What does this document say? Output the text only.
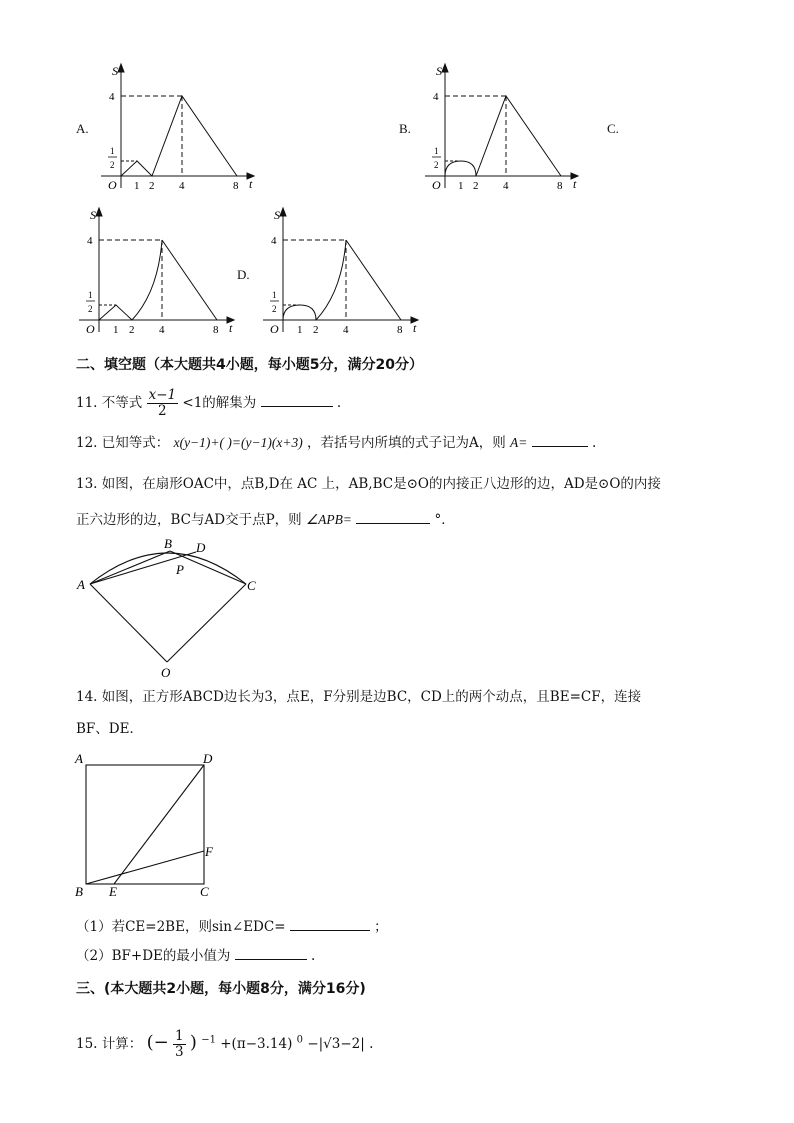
A.	B.	C.
D.
S
t
O
4
1
2
1 2 4	8
S
t
O
4
1
2
1 2 4	8
S
t
O
4
1
2
1 2 4	8
S
t
O
4
1
2
1 2 4	8
二、填空题（本大题共4小题，每小题5分，满分20分）
11. 不等式 $\frac{x-1}{2} <1$的解集为	.
12. 已知等式： x(y−1)+( )=(y−1)(x+3) ，若括号内所填的式子记为A，则 A=	.
13. 如图，在扇形OAC中，点B,D在 AC 上，AB,BC是⊙O的内接正八边形的边，AD是⊙O的内接
正六边形的边，BC与AD交于点P，则 ∠APB=	°．
A
B
C
D
P
O
14. 如图，正方形ABCD边长为3，点E，F分别是边BC，CD上的两个动点，且BE=CF，连接
BF、DE．
A	D
B	C
E
F
（1）若CE=2BE，则sin∠EDC=	；
（2）BF+DE的最小值为	.
三、(本大题共2小题，每小题8分，满分16分)
15. 计算： (− $\frac{1}{3}$ ) $^{-1}$ +(π−3.14) $^0$ −|√3−2| .
